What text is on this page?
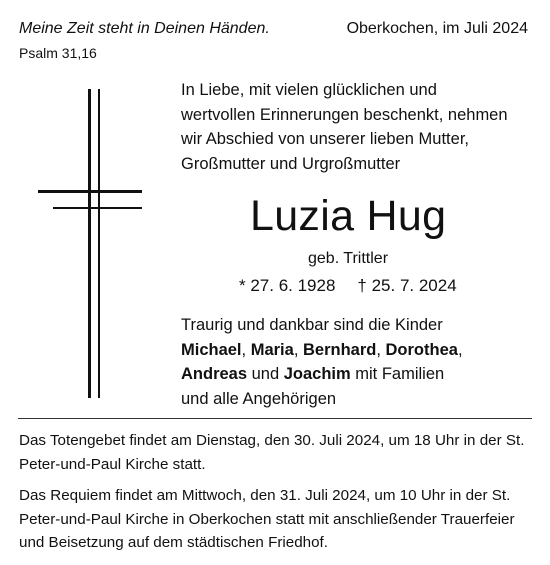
Meine Zeit steht in Deinen Händen.
Psalm 31,16
Oberkochen, im Juli 2024
In Liebe, mit vielen glücklichen und
wertvollen Erinnerungen beschenkt, nehmen
wir Abschied von unserer lieben Mutter,
Großmutter und Urgroßmutter
Luzia Hug
geb. Trittler
* 27. 6. 1928 † 25. 7. 2024
Traurig und dankbar sind die Kinder
Michael, Maria, Bernhard, Dorothea,
Andreas und Joachim mit Familien
und alle Angehörigen
Das Totengebet findet am Dienstag, den 30. Juli 2024, um 18 Uhr in der St. Peter-und-Paul Kirche statt.
Das Requiem findet am Mittwoch, den 31. Juli 2024, um 10 Uhr in der St. Peter-und-Paul Kirche in Oberkochen statt mit anschließender Trauerfeier und Beisetzung auf dem städtischen Friedhof.
